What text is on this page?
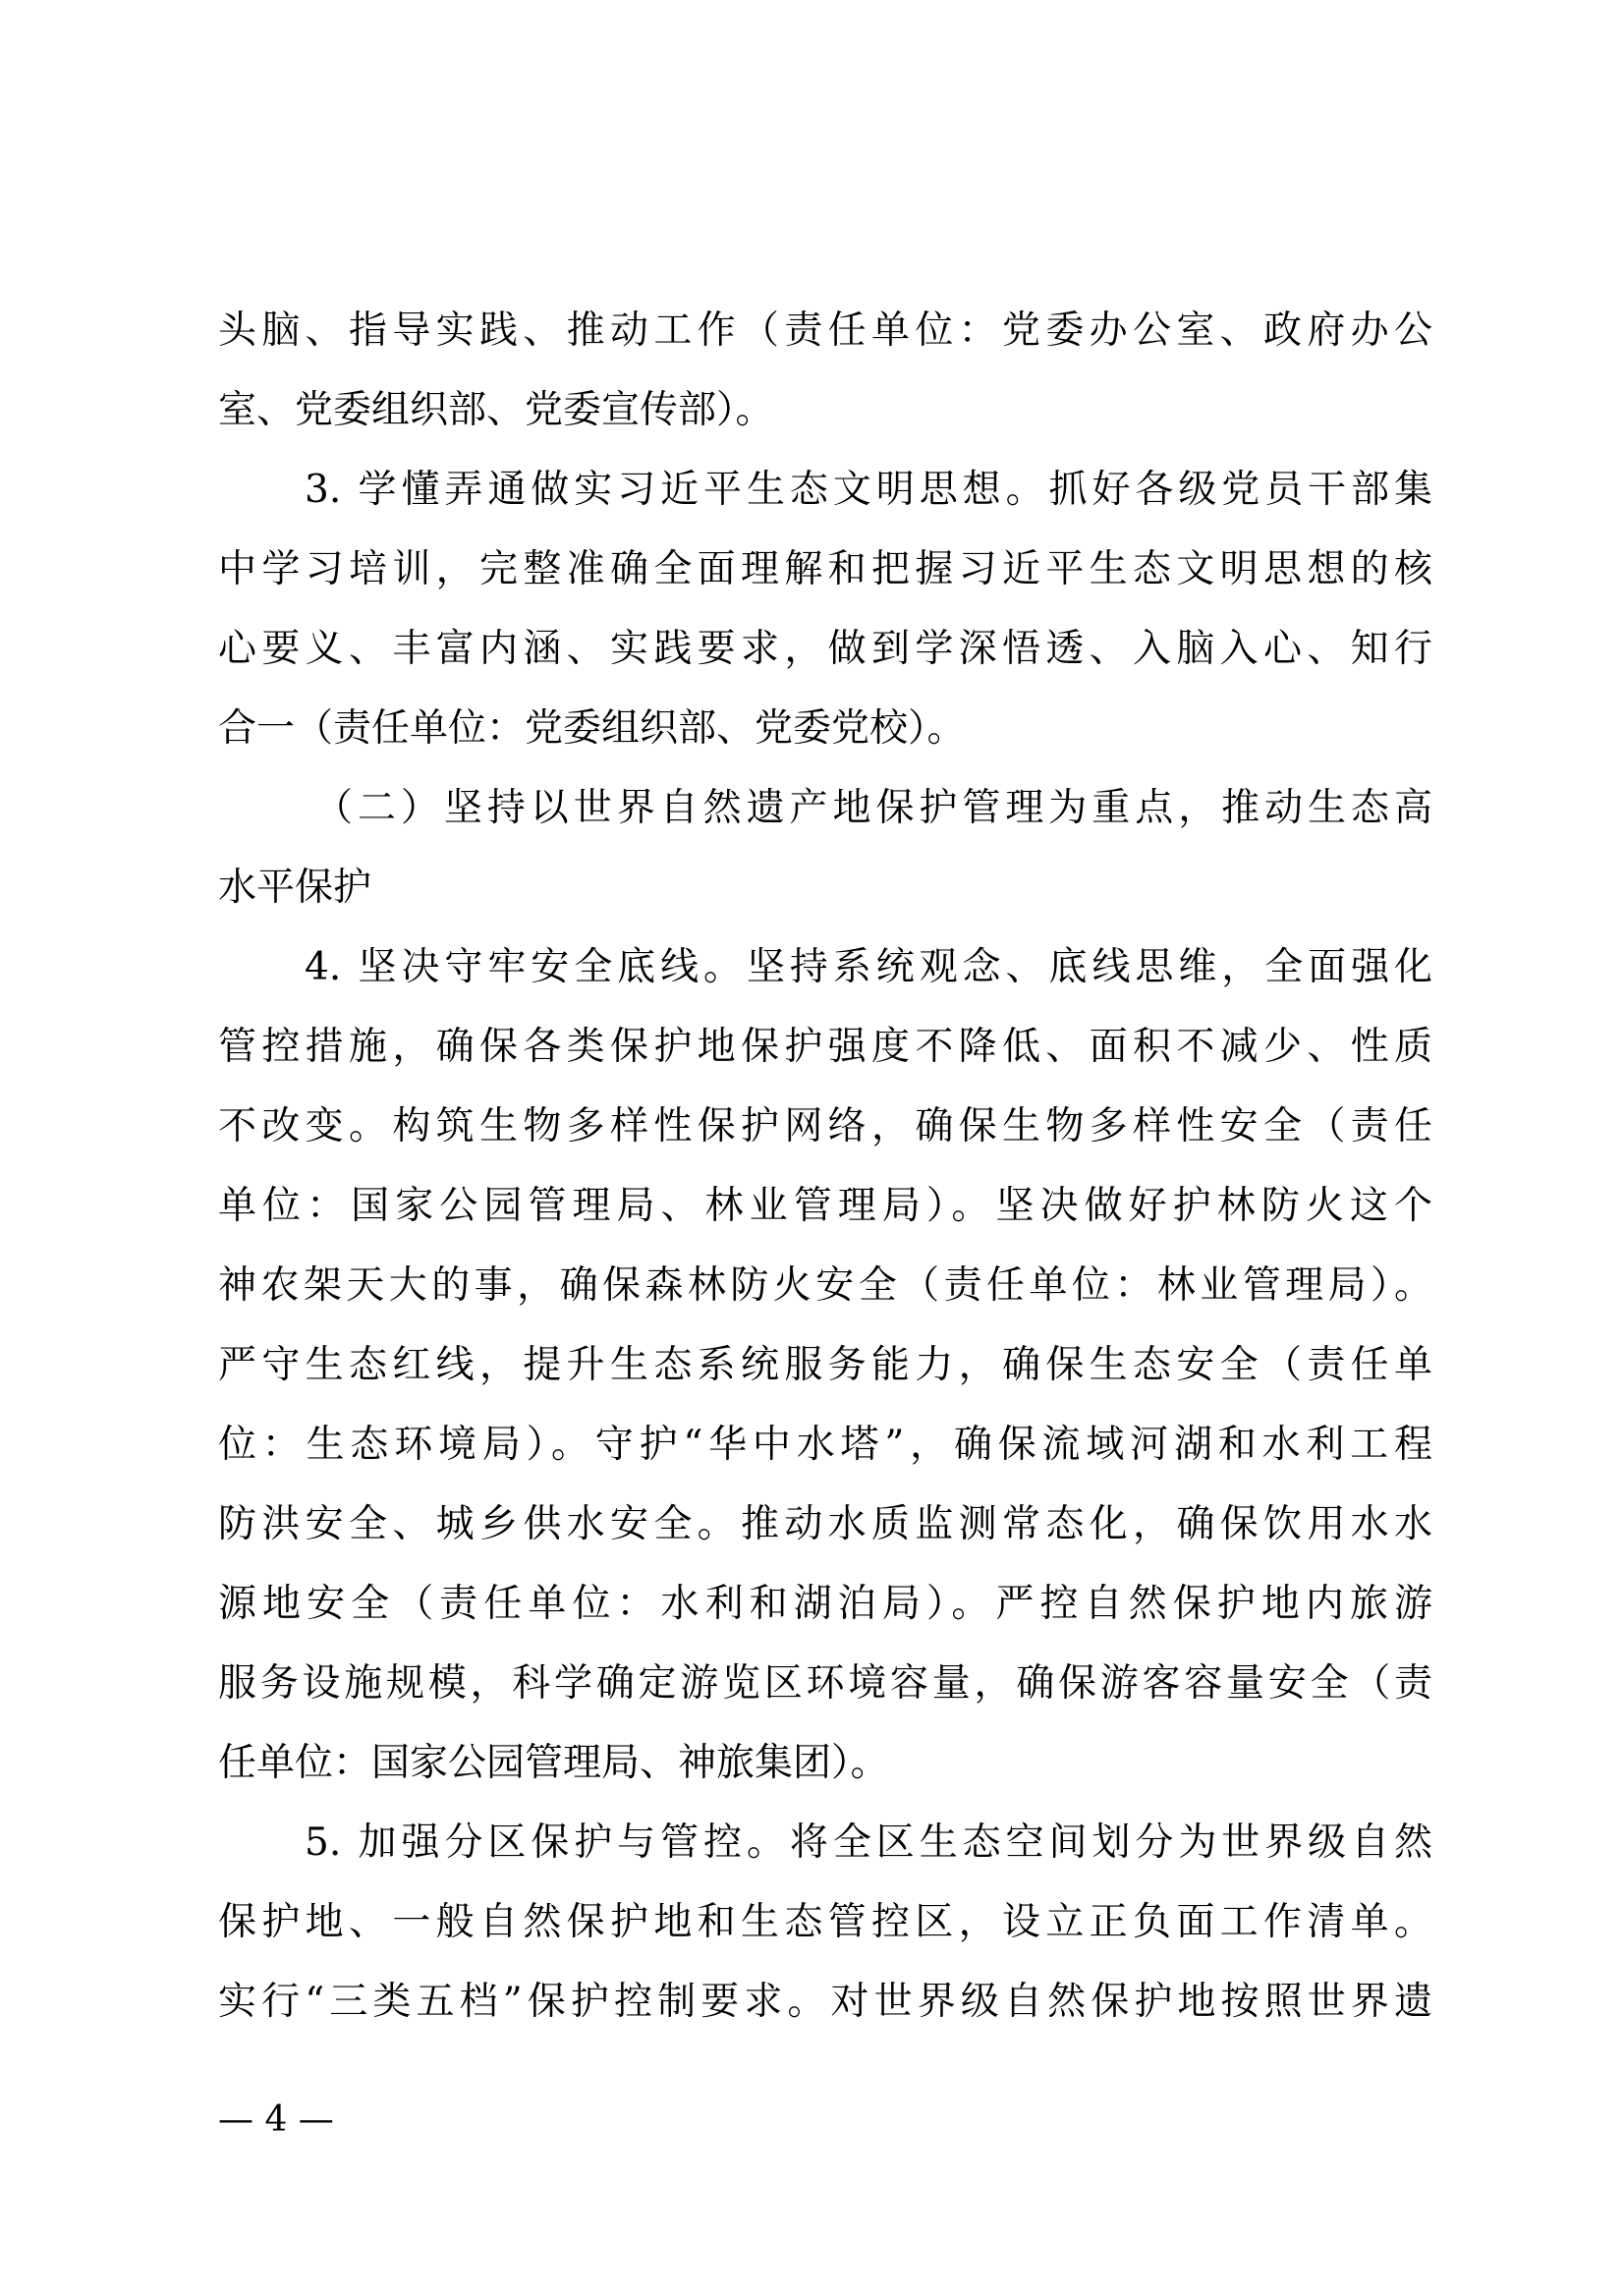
头脑、指导实践、推动工作（责任单位：党委办公室、政府办公
室、党委组织部、党委宣传部）。
3. 学懂弄通做实习近平生态文明思想。抓好各级党员干部集
中学习培训，完整准确全面理解和把握习近平生态文明思想的核
心要义、丰富内涵、实践要求，做到学深悟透、入脑入心、知行
合一（责任单位：党委组织部、党委党校）。
（二）坚持以世界自然遗产地保护管理为重点，推动生态高
水平保护
4. 坚决守牢安全底线。坚持系统观念、底线思维，全面强化
管控措施，确保各类保护地保护强度不降低、面积不减少、性质
不改变。构筑生物多样性保护网络，确保生物多样性安全（责任
单位：国家公园管理局、林业管理局）。坚决做好护林防火这个
神农架天大的事，确保森林防火安全（责任单位：林业管理局）。
严守生态红线，提升生态系统服务能力，确保生态安全（责任单
位：生态环境局）。守护“华中水塔”，确保流域河湖和水利工程
防洪安全、城乡供水安全。推动水质监测常态化，确保饮用水水
源地安全（责任单位：水利和湖泊局）。严控自然保护地内旅游
服务设施规模，科学确定游览区环境容量，确保游客容量安全（责
任单位：国家公园管理局、神旅集团）。
5. 加强分区保护与管控。将全区生态空间划分为世界级自然
保护地、一般自然保护地和生态管控区，设立正负面工作清单。
实行“三类五档”保护控制要求。对世界级自然保护地按照世界遗
— 4 —
